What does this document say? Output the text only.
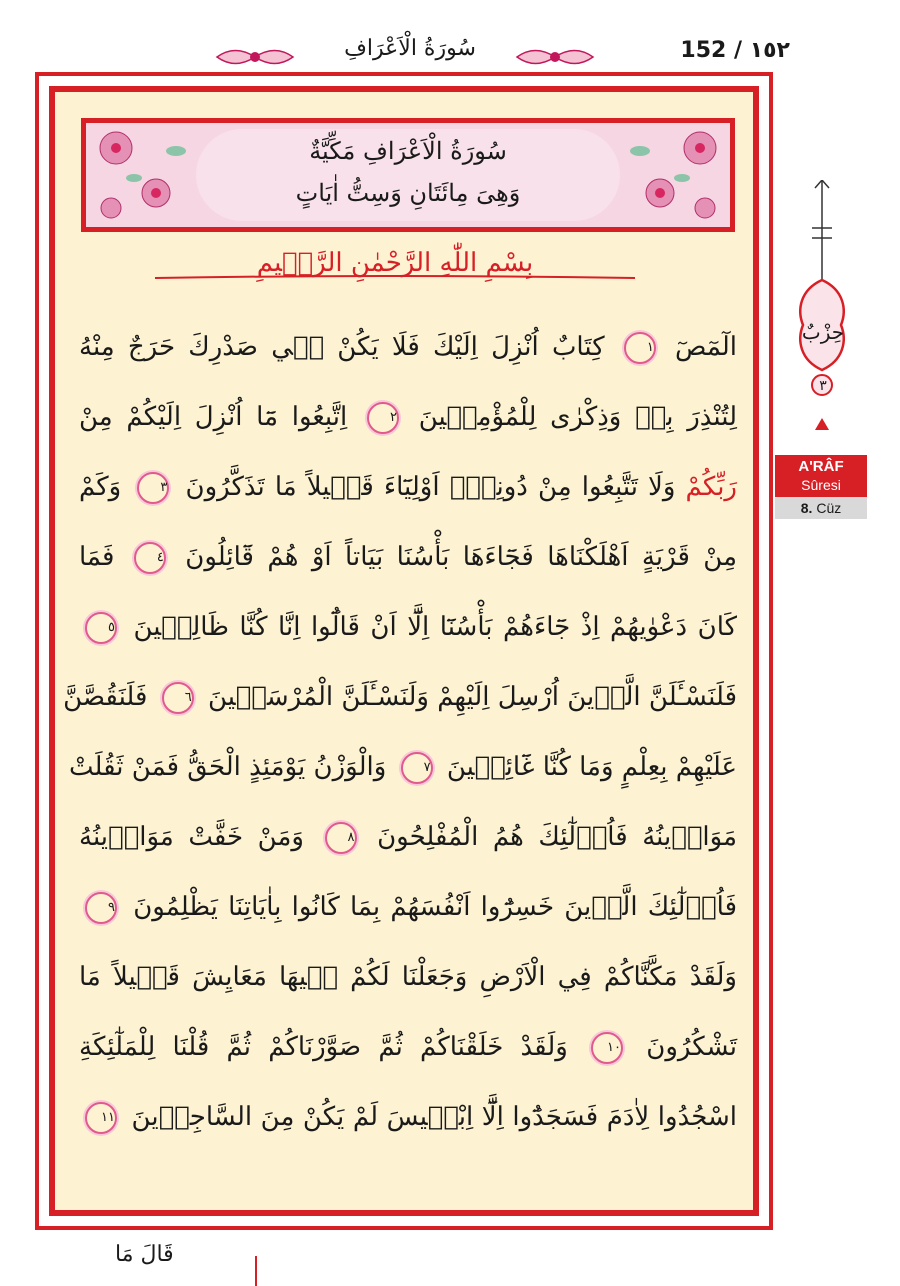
سُورَةُ الْاَعْرَافِ	152 / ١٥٢
سُورَةُ الْاَعْرَافِ مَكِّيَّةٌ
وَهِىَ مِائَتَانِ وَسِتُّ اٰيَاتٍ
بِسْمِ اللّٰهِ الرَّحْمٰنِ الرَّح۪يمِ
الٓمٓصٓ ١ كِتَابٌ اُنْزِلَ اِلَيْكَ فَلَا يَكُنْ ف۪ي صَدْرِكَ حَرَجٌ مِنْهُ
لِتُنْذِرَ بِه۪ وَذِكْرٰى لِلْمُؤْمِن۪ينَ ٢ اِتَّبِعُوا مَٓا اُنْزِلَ اِلَيْكُمْ مِنْ
رَبِّكُمْ وَلَا تَتَّبِعُوا مِنْ دُونِه۪ٓ اَوْلِيَٓاءَ قَل۪يلاً مَا تَذَكَّرُونَ ٣ وَكَمْ
مِنْ قَرْيَةٍ اَهْلَكْنَاهَا فَجَٓاءَهَا بَأْسُنَا بَيَاتاً اَوْ هُمْ قَٓائِلُونَ ٤ فَمَا
كَانَ دَعْوٰيهُمْ اِذْ جَٓاءَهُمْ بَأْسُنَٓا اِلَّٓا اَنْ قَالُٓوا اِنَّا كُنَّا ظَالِم۪ينَ ٥
فَلَنَسْـَٔلَنَّ الَّذ۪ينَ اُرْسِلَ اِلَيْهِمْ وَلَنَسْـَٔلَنَّ الْمُرْسَل۪ينَ ٦ فَلَنَقُصَّنَّ
عَلَيْهِمْ بِعِلْمٍ وَمَا كُنَّا غَٓائِب۪ينَ ٧ وَالْوَزْنُ يَوْمَئِذٍ الْحَقُّ فَمَنْ ثَقُلَتْ
مَوَاز۪ينُهُ فَاُو۬لٰٓئِكَ هُمُ الْمُفْلِحُونَ ٨ وَمَنْ خَفَّتْ مَوَاز۪ينُهُ
فَاُو۬لٰٓئِكَ الَّذ۪ينَ خَسِرُٓوا اَنْفُسَهُمْ بِمَا كَانُوا بِاٰيَاتِنَا يَظْلِمُونَ ٩
وَلَقَدْ مَكَّنَّاكُمْ فِي الْاَرْضِ وَجَعَلْنَا لَكُمْ ف۪يهَا مَعَايِشَ قَل۪يلاً مَا
تَشْكُرُونَ ١٠ وَلَقَدْ خَلَقْنَاكُمْ ثُمَّ صَوَّرْنَاكُمْ ثُمَّ قُلْنَا لِلْمَلٰٓئِكَةِ
اسْجُدُوا لِاٰدَمَ فَسَجَدُٓوا اِلَّٓا اِبْل۪يسَ لَمْ يَكُنْ مِنَ السَّاجِد۪ينَ ١١
قَالَ مَا
حِزْبٌ
٣
A'RÂF
Sûresi
8. Cüz
